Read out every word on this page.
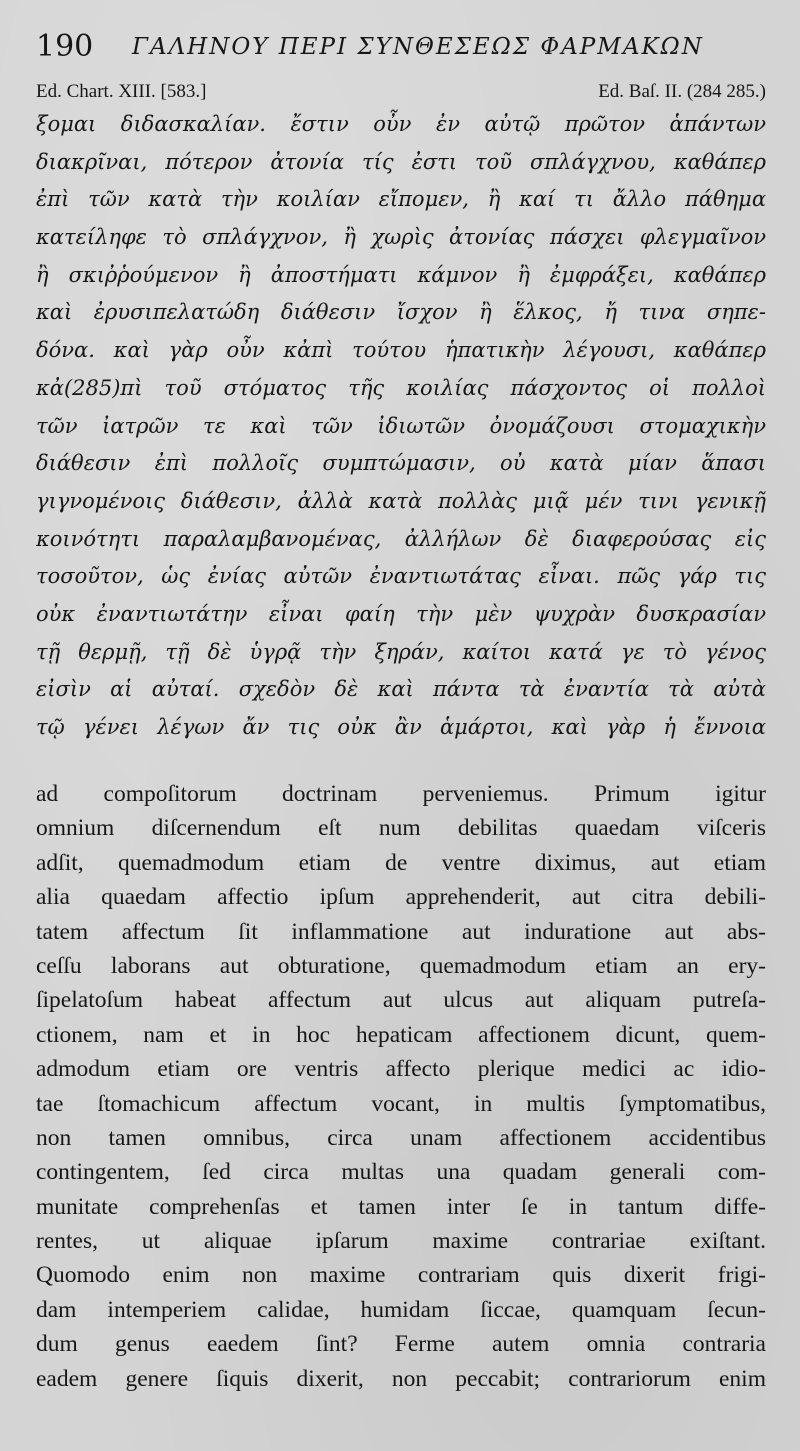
190 ΓΑΛΗΝΟΥ ΠΕΡΙ ΣΥΝΘΕΣΕΩΣ ΦΑΡΜΑΚΩΝ
Ed. Chart. XIII. [583.]	Ed. Baſ. II. (284 285.)
ξομαι διδασκαλίαν. ἔστιν οὖν ἐν αὐτῷ πρῶτον ἁπάντων
διακρῖναι, πότερον ἀτονία τίς ἐστι τοῦ σπλάγχνου, καθάπερ
ἐπὶ τῶν κατὰ τὴν κοιλίαν εἴπομεν, ἢ καί τι ἄλλο πάθημα
κατείληφε τὸ σπλάγχνον, ἢ χωρὶς ἀτονίας πάσχει φλεγμαῖνον
ἢ σκιῤῥούμενον ἢ ἀποστήματι κάμνον ἢ ἐμφράξει, καθάπερ
καὶ ἐρυσιπελατώδη διάθεσιν ἴσχον ἢ ἕλκος, ἤ τινα σηπε-
δόνα. καὶ γὰρ οὖν κἀπὶ τούτου ἡπατικὴν λέγουσι, καθάπερ
κἀ(285)πὶ τοῦ στόματος τῆς κοιλίας πάσχοντος οἱ πολλοὶ
τῶν ἰατρῶν τε καὶ τῶν ἰδιωτῶν ὀνομάζουσι στομαχικὴν
διάθεσιν ἐπὶ πολλοῖς συμπτώμασιν, οὐ κατὰ μίαν ἅπασι
γιγνομένοις διάθεσιν, ἀλλὰ κατὰ πολλὰς μιᾷ μέν τινι γενικῇ
κοινότητι παραλαμβανομένας, ἀλλήλων δὲ διαφερούσας εἰς
τοσοῦτον, ὡς ἐνίας αὐτῶν ἐναντιωτάτας εἶναι. πῶς γάρ τις
οὐκ ἐναντιωτάτην εἶναι φαίη τὴν μὲν ψυχρὰν δυσκρασίαν
τῇ θερμῇ, τῇ δὲ ὑγρᾷ τὴν ξηράν, καίτοι κατά γε τὸ γένος
εἰσὶν αἱ αὐταί. σχεδὸν δὲ καὶ πάντα τὰ ἐναντία τὰ αὐτὰ
τῷ γένει λέγων ἄν τις οὐκ ἂν ἁμάρτοι, καὶ γὰρ ἡ ἔννοια
ad compoſitorum doctrinam perveniemus. Primum igitur
omnium diſcernendum eſt num debilitas quaedam viſceris
adſit, quemadmodum etiam de ventre diximus, aut etiam
alia quaedam affectio ipſum apprehenderit, aut citra debili-
tatem affectum ſit inflammatione aut induratione aut abs-
ceſſu laborans aut obturatione, quemadmodum etiam an ery-
ſipelatoſum habeat affectum aut ulcus aut aliquam putreſa-
ctionem, nam et in hoc hepaticam affectionem dicunt, quem-
admodum etiam ore ventris affecto plerique medici ac idio-
tae ſtomachicum affectum vocant, in multis ſymptomatibus,
non tamen omnibus, circa unam affectionem accidentibus
contingentem, ſed circa multas una quadam generali com-
munitate comprehenſas et tamen inter ſe in tantum diffe-
rentes, ut aliquae ipſarum maxime contrariae exiſtant.
Quomodo enim non maxime contrariam quis dixerit frigi-
dam intemperiem calidae, humidam ſiccae, quamquam ſecun-
dum genus eaedem ſint? Ferme autem omnia contraria
eadem genere ſiquis dixerit, non peccabit; contrariorum enim
